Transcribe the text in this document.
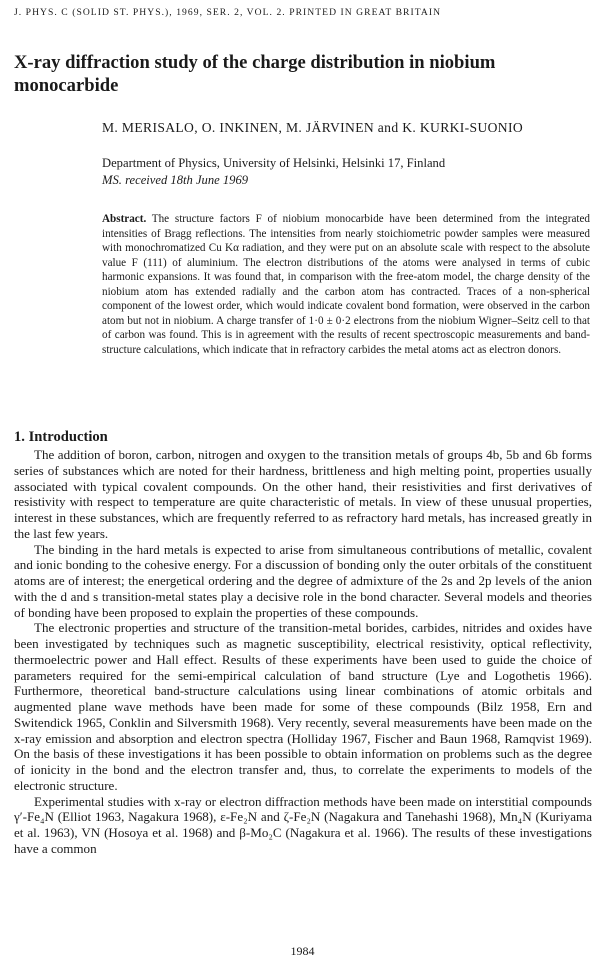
J. PHYS. C (SOLID ST. PHYS.), 1969, SER. 2, VOL. 2. PRINTED IN GREAT BRITAIN
X-ray diffraction study of the charge distribution in niobium monocarbide
M. MERISALO, O. INKINEN, M. JÄRVINEN and K. KURKI-SUONIO
Department of Physics, University of Helsinki, Helsinki 17, Finland
MS. received 18th June 1969
Abstract. The structure factors F of niobium monocarbide have been determined from the integrated intensities of Bragg reflections. The intensities from nearly stoichiometric powder samples were measured with monochromatized Cu Kα radiation, and they were put on an absolute scale with respect to the absolute value F (111) of aluminium. The electron distributions of the atoms were analysed in terms of cubic harmonic expansions. It was found that, in comparison with the free-atom model, the charge density of the niobium atom has extended radially and the carbon atom has contracted. Traces of a non-spherical component of the lowest order, which would indicate covalent bond formation, were observed in the carbon atom but not in niobium. A charge transfer of 1·0 ± 0·2 electrons from the niobium Wigner–Seitz cell to that of carbon was found. This is in agreement with the results of recent spectroscopic measurements and band-structure calculations, which indicate that in refractory carbides the metal atoms act as electron donors.
1. Introduction

The addition of boron, carbon, nitrogen and oxygen to the transition metals of groups 4b, 5b and 6b forms series of substances which are noted for their hardness, brittleness and high melting point, properties usually associated with typical covalent compounds. On the other hand, their resistivities and first derivatives of resistivity with respect to temperature are quite characteristic of metals. In view of these unusual properties, interest in these substances, which are frequently referred to as refractory hard metals, has increased greatly in the last few years.

The binding in the hard metals is expected to arise from simultaneous contributions of metallic, covalent and ionic bonding to the cohesive energy. For a discussion of bonding only the outer orbitals of the constituent atoms are of interest; the energetical ordering and the degree of admixture of the 2s and 2p levels of the anion with the d and s transition-metal states play a decisive role in the bond character. Several models and theories of bonding have been proposed to explain the properties of these compounds.

The electronic properties and structure of the transition-metal borides, carbides, nitrides and oxides have been investigated by techniques such as magnetic susceptibility, electrical resistivity, optical reflectivity, thermoelectric power and Hall effect. Results of these experiments have been used to guide the choice of parameters required for the semi-empirical calculation of band structure (Lye and Logothetis 1966). Furthermore, theoretical band-structure calculations using linear combinations of atomic orbitals and augmented plane wave methods have been made for some of these compounds (Bilz 1958, Ern and Switendick 1965, Conklin and Silversmith 1968). Very recently, several measurements have been made on the x-ray emission and absorption and electron spectra (Holliday 1967, Fischer and Baun 1968, Ramqvist 1969). On the basis of these investigations it has been possible to obtain information on problems such as the degree of ionicity in the bond and the electron transfer and, thus, to correlate the experiments to models of the electronic structure.

Experimental studies with x-ray or electron diffraction methods have been made on interstitial compounds γ′-Fe₄N (Elliot 1963, Nagakura 1968), ε-Fe₂N and ζ-Fe₂N (Nagakura and Tanehashi 1968), Mn₄N (Kuriyama et al. 1963), VN (Hosoya et al. 1968) and β-Mo₂C (Nagakura et al. 1966). The results of these investigations have a common

1984
